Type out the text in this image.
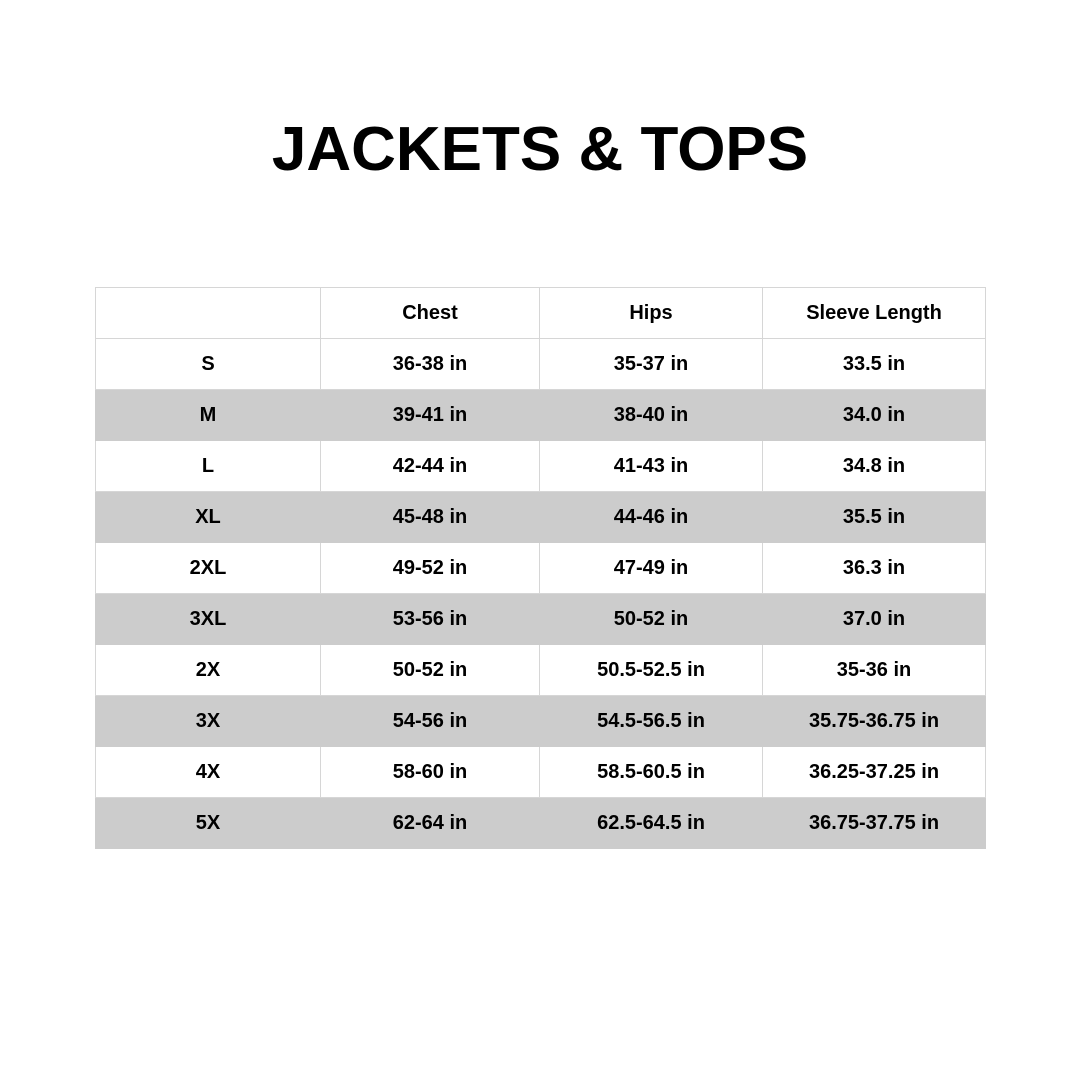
JACKETS & TOPS
	Chest	Hips	Sleeve Length
S	36-38 in	35-37 in	33.5 in
M	39-41 in	38-40 in	34.0 in
L	42-44 in	41-43 in	34.8 in
XL	45-48 in	44-46 in	35.5 in
2XL	49-52 in	47-49 in	36.3 in
3XL	53-56 in	50-52 in	37.0 in
2X	50-52 in	50.5-52.5 in	35-36 in
3X	54-56 in	54.5-56.5 in	35.75-36.75 in
4X	58-60 in	58.5-60.5 in	36.25-37.25 in
5X	62-64 in	62.5-64.5 in	36.75-37.75 in
